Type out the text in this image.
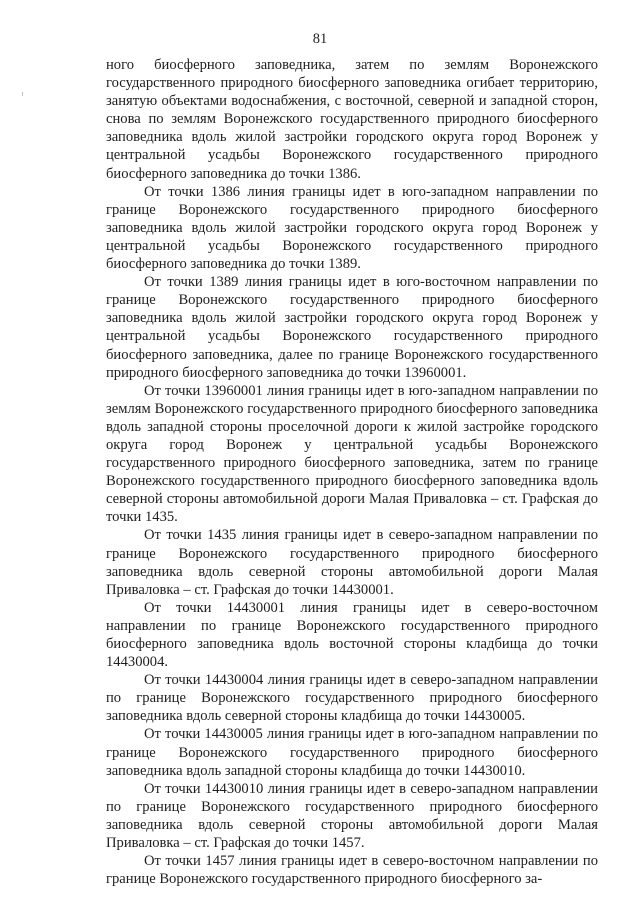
81

ного биосферного заповедника, затем по землям Воронежского государственного природного биосферного заповедника огибает территорию, занятую объектами водоснабжения, с восточной, северной и западной сторон, снова по землям Воронежского государственного природного биосферного заповедника вдоль жилой застройки городского округа город Воронеж у центральной усадьбы Воронежского государственного природного биосферного заповедника до точки 1386.

От точки 1386 линия границы идет в юго-западном направлении по границе Воронежского государственного природного биосферного заповедника вдоль жилой застройки городского округа город Воронеж у центральной усадьбы Воронежского государственного природного биосферного заповедника до точки 1389.

От точки 1389 линия границы идет в юго-восточном направлении по границе Воронежского государственного природного биосферного заповедника вдоль жилой застройки городского округа город Воронеж у центральной усадьбы Воронежского государственного природного биосферного заповедника, далее по границе Воронежского государственного природного биосферного заповедника до точки 13960001.

От точки 13960001 линия границы идет в юго-западном направлении по землям Воронежского государственного природного биосферного заповедника вдоль западной стороны проселочной дороги к жилой застройке городского округа город Воронеж у центральной усадьбы Воронежского государственного природного биосферного заповедника, затем по границе Воронежского государственного природного биосферного заповедника вдоль северной стороны автомобильной дороги Малая Приваловка – ст. Графская до точки 1435.

От точки 1435 линия границы идет в северо-западном направлении по границе Воронежского государственного природного биосферного заповедника вдоль северной стороны автомобильной дороги Малая Приваловка – ст. Графская до точки 14430001.

От точки 14430001 линия границы идет в северо-восточном направлении по границе Воронежского государственного природного биосферного заповедника вдоль восточной стороны кладбища до точки 14430004.

От точки 14430004 линия границы идет в северо-западном направлении по границе Воронежского государственного природного биосферного заповедника вдоль северной стороны кладбища до точки 14430005.

От точки 14430005 линия границы идет в юго-западном направлении по границе Воронежского государственного природного биосферного заповедника вдоль западной стороны кладбища до точки 14430010.

От точки 14430010 линия границы идет в северо-западном направлении по границе Воронежского государственного природного биосферного заповедника вдоль северной стороны автомобильной дороги Малая Приваловка – ст. Графская до точки 1457.

От точки 1457 линия границы идет в северо-восточном направлении по границе Воронежского государственного природного биосферного за-
